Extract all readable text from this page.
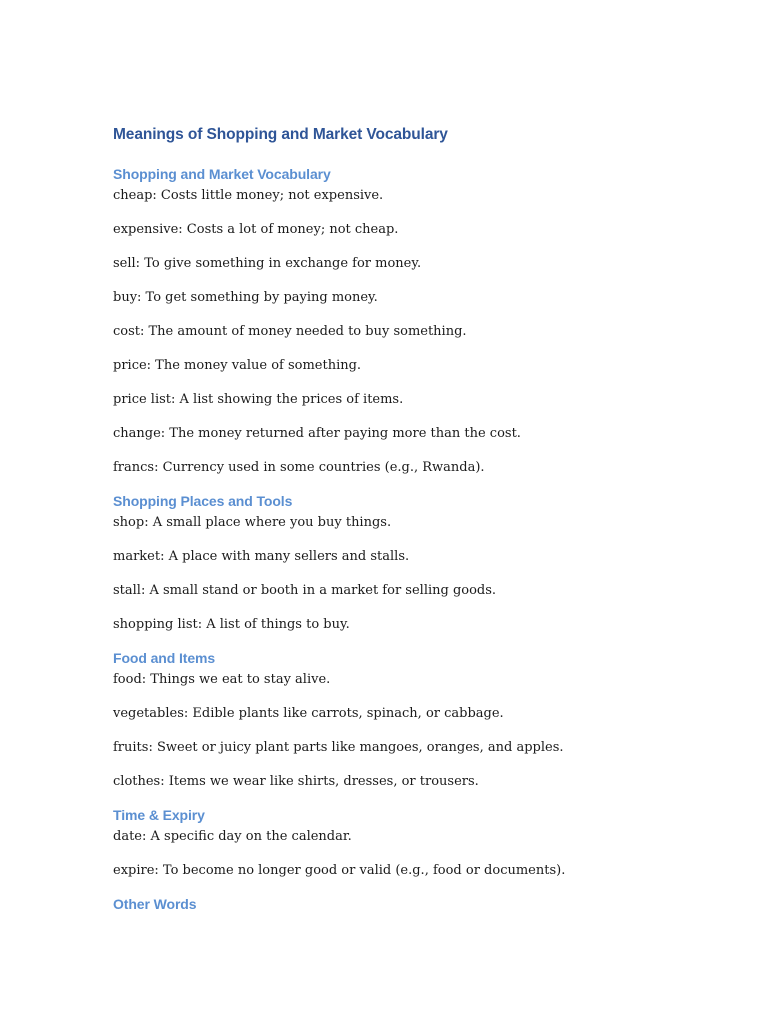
Meanings of Shopping and Market Vocabulary
Shopping and Market Vocabulary

cheap: Costs little money; not expensive.

expensive: Costs a lot of money; not cheap.

sell: To give something in exchange for money.

buy: To get something by paying money.

cost: The amount of money needed to buy something.

price: The money value of something.

price list: A list showing the prices of items.

change: The money returned after paying more than the cost.

francs: Currency used in some countries (e.g., Rwanda).

Shopping Places and Tools

shop: A small place where you buy things.

market: A place with many sellers and stalls.

stall: A small stand or booth in a market for selling goods.

shopping list: A list of things to buy.

Food and Items

food: Things we eat to stay alive.

vegetables: Edible plants like carrots, spinach, or cabbage.

fruits: Sweet or juicy plant parts like mangoes, oranges, and apples.

clothes: Items we wear like shirts, dresses, or trousers.

Time & Expiry

date: A specific day on the calendar.

expire: To become no longer good or valid (e.g., food or documents).

Other Words
